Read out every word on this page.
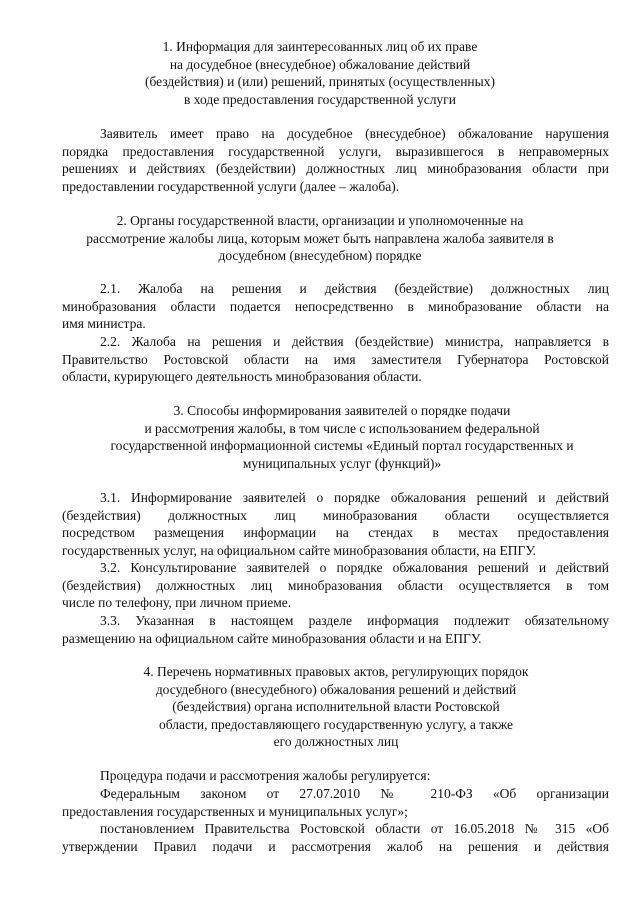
1. Информация для заинтересованных лиц об их праве
на досудебное (внесудебное) обжалование действий
(бездействия) и (или) решений, принятых (осуществленных)
в ходе предоставления государственной услуги

Заявитель имеет право на досудебное (внесудебное) обжалование нарушения
порядка предоставления государственной услуги, выразившегося в неправомерных
решениях и действиях (бездействии) должностных лиц минобразования области при
предоставлении государственной услуги (далее – жалоба).

2. Органы государственной власти, организации и уполномоченные на
рассмотрение жалобы лица, которым может быть направлена жалоба заявителя в
досудебном (внесудебном) порядке

2.1. Жалоба на решения и действия (бездействие) должностных лиц
минобразования области подается непосредственно в минобразование области на
имя министра.

2.2. Жалоба на решения и действия (бездействие) министра, направляется в
Правительство Ростовской области на имя заместителя Губернатора Ростовской
области, курирующего деятельность минобразования области.

3. Способы информирования заявителей о порядке подачи
и рассмотрения жалобы, в том числе с использованием федеральной
государственной информационной системы «Единый портал государственных и
муниципальных услуг (функций)»

3.1. Информирование заявителей о порядке обжалования решений и действий
(бездействия) должностных лиц минобразования области осуществляется
посредством размещения информации на стендах в местах предоставления
государственных услуг, на официальном сайте минобразования области, на ЕПГУ.

3.2. Консультирование заявителей о порядке обжалования решений и действий
(бездействия) должностных лиц минобразования области осуществляется в том
числе по телефону, при личном приеме.

3.3. Указанная в настоящем разделе информация подлежит обязательному
размещению на официальном сайте минобразования области и на ЕПГУ.

4. Перечень нормативных правовых актов, регулирующих порядок
досудебного (внесудебного) обжалования решений и действий
(бездействия) органа исполнительной власти Ростовской
области, предоставляющего государственную услугу, а также
его должностных лиц

Процедура подачи и рассмотрения жалобы регулируется:

Федеральным законом от 27.07.2010 № 210-ФЗ «Об организации
предоставления государственных и муниципальных услуг»;

постановлением Правительства Ростовской области от 16.05.2018 № 315 «Об
утверждении Правил подачи и рассмотрения жалоб на решения и действия
